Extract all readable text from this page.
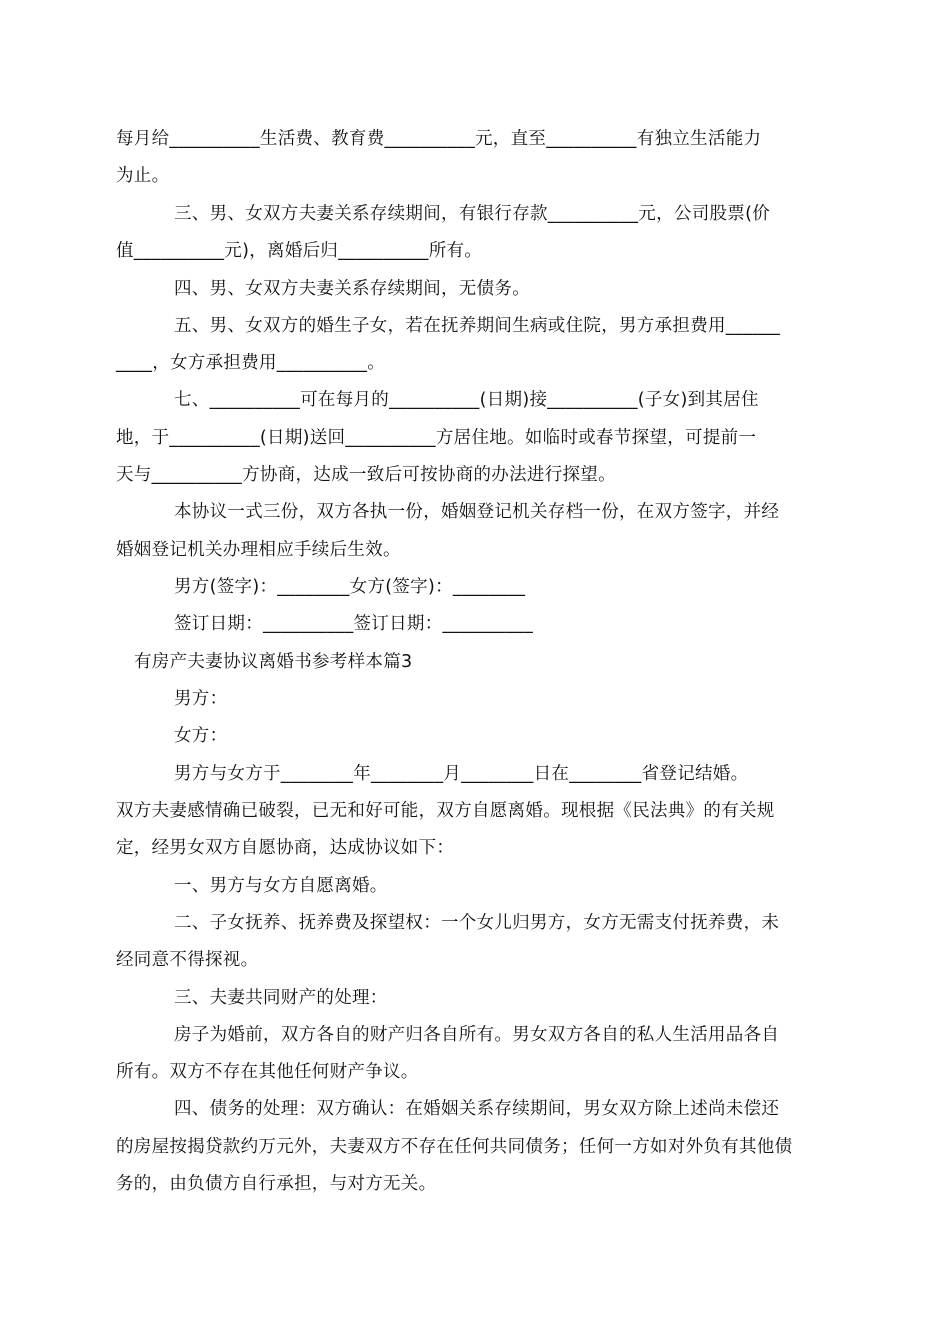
每月给__________生活费、教育费__________元，直至__________有独立生活能力
为止。
三、男、女双方夫妻关系存续期间，有银行存款__________元，公司股票(价
值__________元)，离婚后归__________所有。
四、男、女双方夫妻关系存续期间，无债务。
五、男、女双方的婚生子女，若在抚养期间生病或住院，男方承担费用______
____，女方承担费用__________。
七、__________可在每月的__________(日期)接__________(子女)到其居住
地，于__________(日期)送回__________方居住地。如临时或春节探望，可提前一
天与__________方协商，达成一致后可按协商的办法进行探望。
本协议一式三份，双方各执一份，婚姻登记机关存档一份，在双方签字，并经
婚姻登记机关办理相应手续后生效。
男方(签字)：________女方(签字)：________
签订日期：__________签订日期：__________
有房产夫妻协议离婚书参考样本篇3
男方：
女方：
男方与女方于________年________月________日在________省登记结婚。
双方夫妻感情确已破裂，已无和好可能，双方自愿离婚。现根据《民法典》的有关规
定，经男女双方自愿协商，达成协议如下：
一、男方与女方自愿离婚。
二、子女抚养、抚养费及探望权：一个女儿归男方，女方无需支付抚养费，未
经同意不得探视。
三、夫妻共同财产的处理：
房子为婚前，双方各自的财产归各自所有。男女双方各自的私人生活用品各自
所有。双方不存在其他任何财产争议。
四、债务的处理：双方确认：在婚姻关系存续期间，男女双方除上述尚未偿还
的房屋按揭贷款约万元外，夫妻双方不存在任何共同债务；任何一方如对外负有其他债
务的，由负债方自行承担，与对方无关。
